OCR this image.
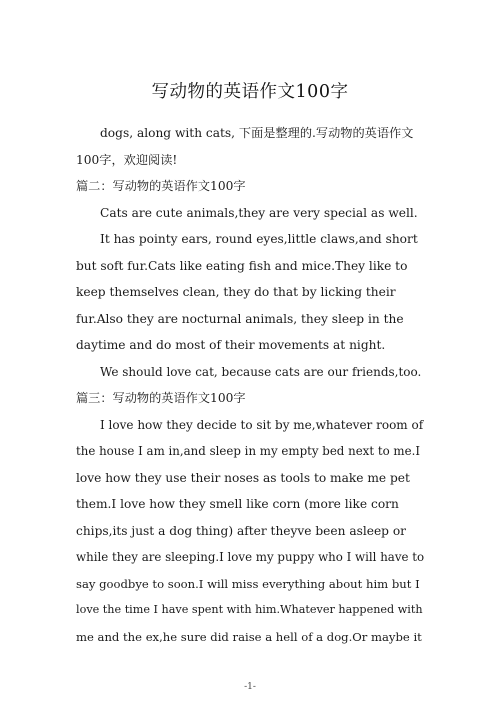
写动物的英语作文100字
dogs, along with cats, 下面是整理的.写动物的英语作文
100字，欢迎阅读!
篇二：写动物的英语作文100字
Cats are cute animals,they are very special as well.
It has pointy ears, round eyes,little claws,and short
but soft fur.Cats like eating fish and mice.They like to
keep themselves clean, they do that by licking their
fur.Also they are nocturnal animals, they sleep in the
daytime and do most of their movements at night.
We should love cat, because cats are our friends,too.
篇三：写动物的英语作文100字
I love how they decide to sit by me,whatever room of
the house I am in,and sleep in my empty bed next to me.I
love how they use their noses as tools to make me pet
them.I love how they smell like corn (more like corn
chips,its just a dog thing) after theyve been asleep or
while they are sleeping.I love my puppy who I will have to
say goodbye to soon.I will miss everything about him but I
love the time I have spent with him.Whatever happened with
me and the ex,he sure did raise a hell of a dog.Or maybe it
-1-
